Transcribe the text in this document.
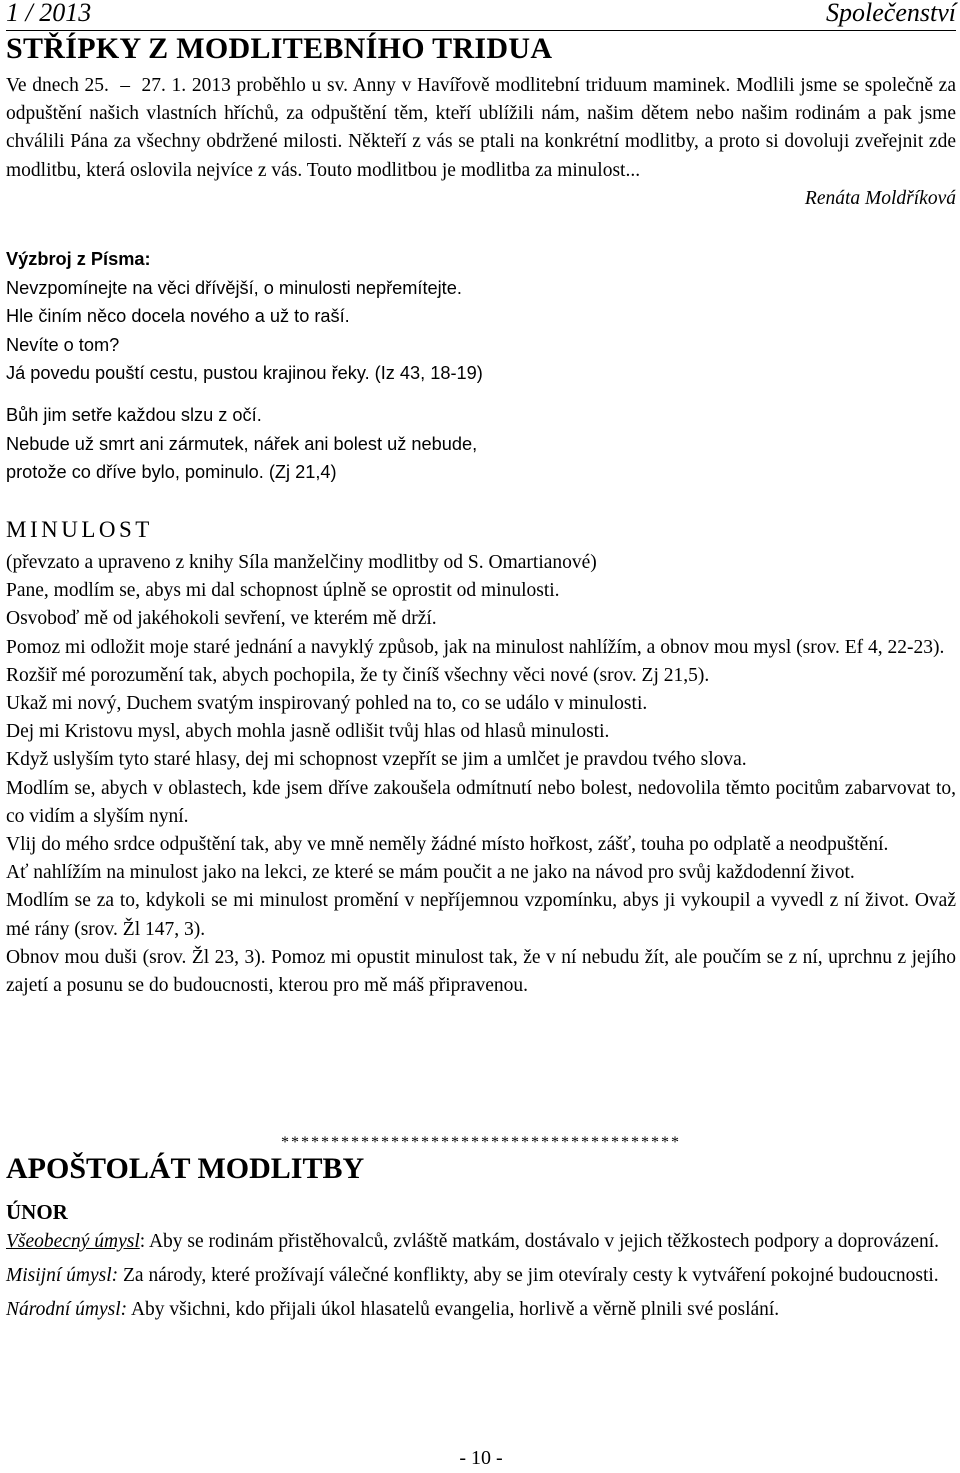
1 / 2013	Společenství
STŘÍPKY Z MODLITEBNÍHO TRIDUA

Ve dnech 25.  –  27. 1. 2013 proběhlo u sv. Anny v Havířově modlitební triduum maminek. Modlili jsme se společně za odpuštění našich vlastních hříchů, za odpuštění těm, kteří ublížili nám, našim dětem nebo našim rodinám a pak jsme chválili Pána za všechny obdržené milosti. Někteří z vás se ptali na konkrétní modlitby, a proto si dovoluji zveřejnit zde modlitbu, která oslovila nejvíce z vás. Touto modlitbou je modlitba za minulost...

Renáta Moldříková

Výzbroj z Písma:

Nevzpomínejte na věci dřívější, o minulosti nepřemítejte.

Hle činím něco docela nového a už to raší.

Nevíte o tom?

Já povedu pouští cestu, pustou krajinou řeky. (Iz 43, 18-19)

Bůh jim setře každou slzu z očí.

Nebude už smrt ani zármutek, nářek ani bolest už nebude,

protože co dříve bylo, pominulo. (Zj 21,4)

MINULOST

(převzato a upraveno z knihy Síla manželčiny modlitby od S. Omartianové)

Pane, modlím se, abys mi dal schopnost úplně se oprostit od minulosti.

Osvoboď mě od jakéhokoli sevření, ve kterém mě drží.

Pomoz mi odložit moje staré jednání a navyklý způsob, jak na minulost nahlížím, a obnov mou mysl (srov. Ef 4, 22-23).

Rozšiř mé porozumění tak, abych pochopila, že ty činíš všechny věci nové (srov. Zj 21,5).

Ukaž mi nový, Duchem svatým inspirovaný pohled na to, co se událo v minulosti.

Dej mi Kristovu mysl, abych mohla jasně odlišit tvůj hlas od hlasů minulosti.

Když uslyším tyto staré hlasy, dej mi schopnost vzepřít se jim a umlčet je pravdou tvého slova.

Modlím se, abych v oblastech, kde jsem dříve zakoušela odmítnutí nebo bolest, nedovolila těmto pocitům zabarvovat to, co vidím a slyším nyní.

Vlij do mého srdce odpuštění tak, aby ve mně neměly žádné místo hořkost, zášť, touha po odplatě a neodpuštění.

Ať nahlížím na minulost jako na lekci, ze které se mám poučit a ne jako na návod pro svůj každodenní život.

Modlím se za to, kdykoli se mi minulost promění v nepříjemnou vzpomínku, abys ji vykoupil a vyvedl z ní život. Ovaž mé rány (srov. Žl 147, 3).

Obnov mou duši (srov. Žl 23, 3). Pomoz mi opustit minulost tak, že v ní nebudu žít, ale poučím se z ní, uprchnu z jejího zajetí a posunu se do budoucnosti, kterou pro mě máš připravenou.

****************************************
APOŠTOLÁT MODLITBY
ÚNOR

Všeobecný úmysl: Aby se rodinám přistěhovalců, zvláště matkám, dostávalo v jejich těžkostech podpory a doprovázení.

Misijní úmysl: Za národy, které prožívají válečné konflikty, aby se jim otevíraly cesty k vytváření pokojné budoucnosti.

Národní úmysl: Aby všichni, kdo přijali úkol hlasatelů evangelia, horlivě a věrně plnili své poslání.

- 10 -
